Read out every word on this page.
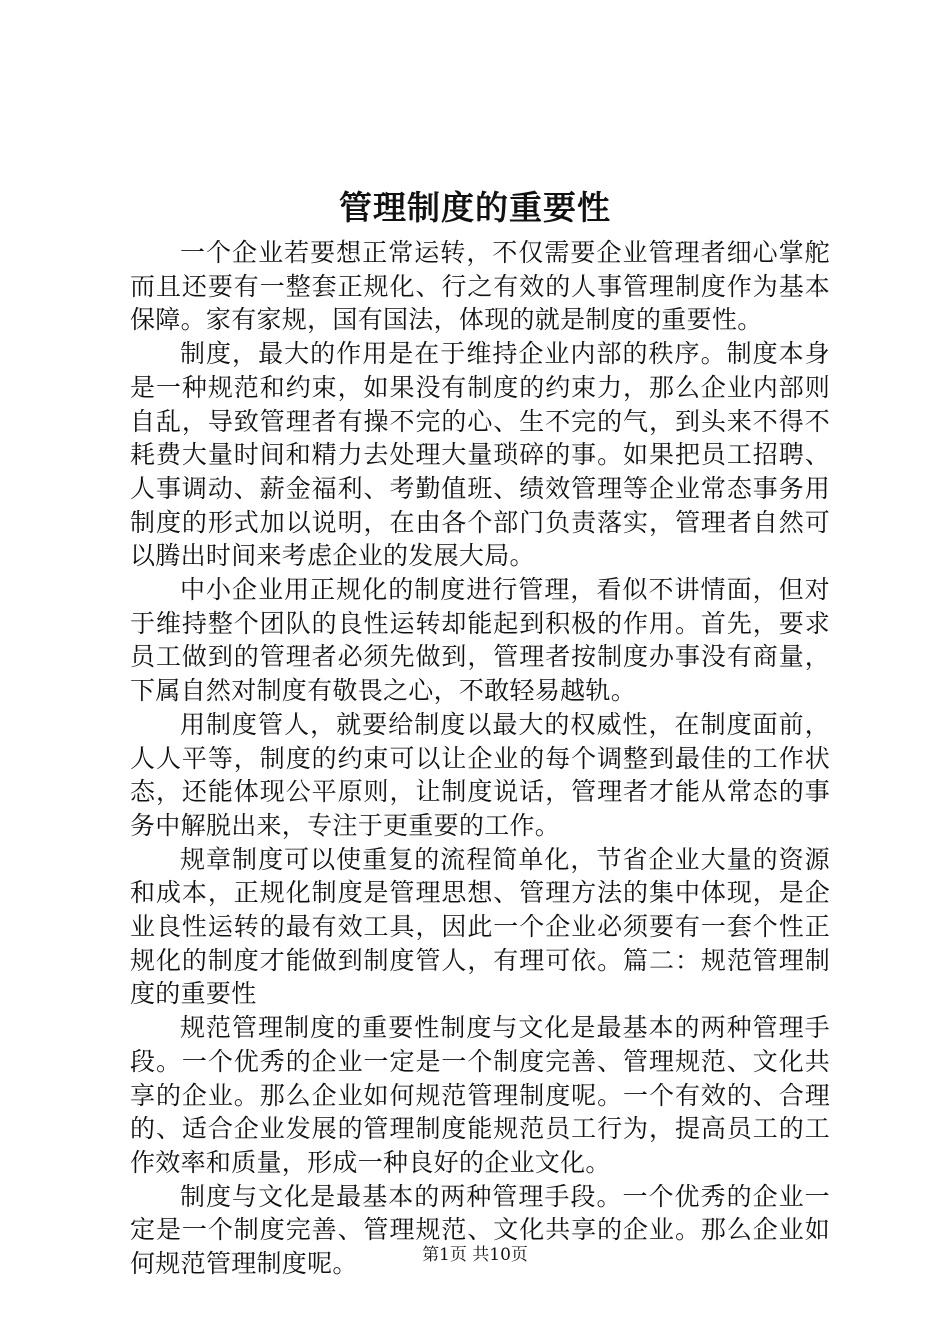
管理制度的重要性

一个企业若要想正常运转，不仅需要企业管理者细心掌舵而且还要有一整套正规化、行之有效的人事管理制度作为基本保障。家有家规，国有国法，体现的就是制度的重要性。

制度，最大的作用是在于维持企业内部的秩序。制度本身是一种规范和约束，如果没有制度的约束力，那么企业内部则自乱，导致管理者有操不完的心、生不完的气，到头来不得不耗费大量时间和精力去处理大量琐碎的事。如果把员工招聘、人事调动、薪金福利、考勤值班、绩效管理等企业常态事务用制度的形式加以说明，在由各个部门负责落实，管理者自然可以腾出时间来考虑企业的发展大局。

中小企业用正规化的制度进行管理，看似不讲情面，但对于维持整个团队的良性运转却能起到积极的作用。首先，要求员工做到的管理者必须先做到，管理者按制度办事没有商量，下属自然对制度有敬畏之心，不敢轻易越轨。

用制度管人，就要给制度以最大的权威性，在制度面前，人人平等，制度的约束可以让企业的每个调整到最佳的工作状态，还能体现公平原则，让制度说话，管理者才能从常态的事务中解脱出来，专注于更重要的工作。

规章制度可以使重复的流程简单化，节省企业大量的资源和成本，正规化制度是管理思想、管理方法的集中体现，是企业良性运转的最有效工具，因此一个企业必须要有一套个性正规化的制度才能做到制度管人，有理可依。篇二：规范管理制度的重要性

规范管理制度的重要性制度与文化是最基本的两种管理手段。一个优秀的企业一定是一个制度完善、管理规范、文化共享的企业。那么企业如何规范管理制度呢。一个有效的、合理的、适合企业发展的管理制度能规范员工行为，提高员工的工作效率和质量，形成一种良好的企业文化。

制度与文化是最基本的两种管理手段。一个优秀的企业一定是一个制度完善、管理规范、文化共享的企业。那么企业如何规范管理制度呢。	第1页 共10页
